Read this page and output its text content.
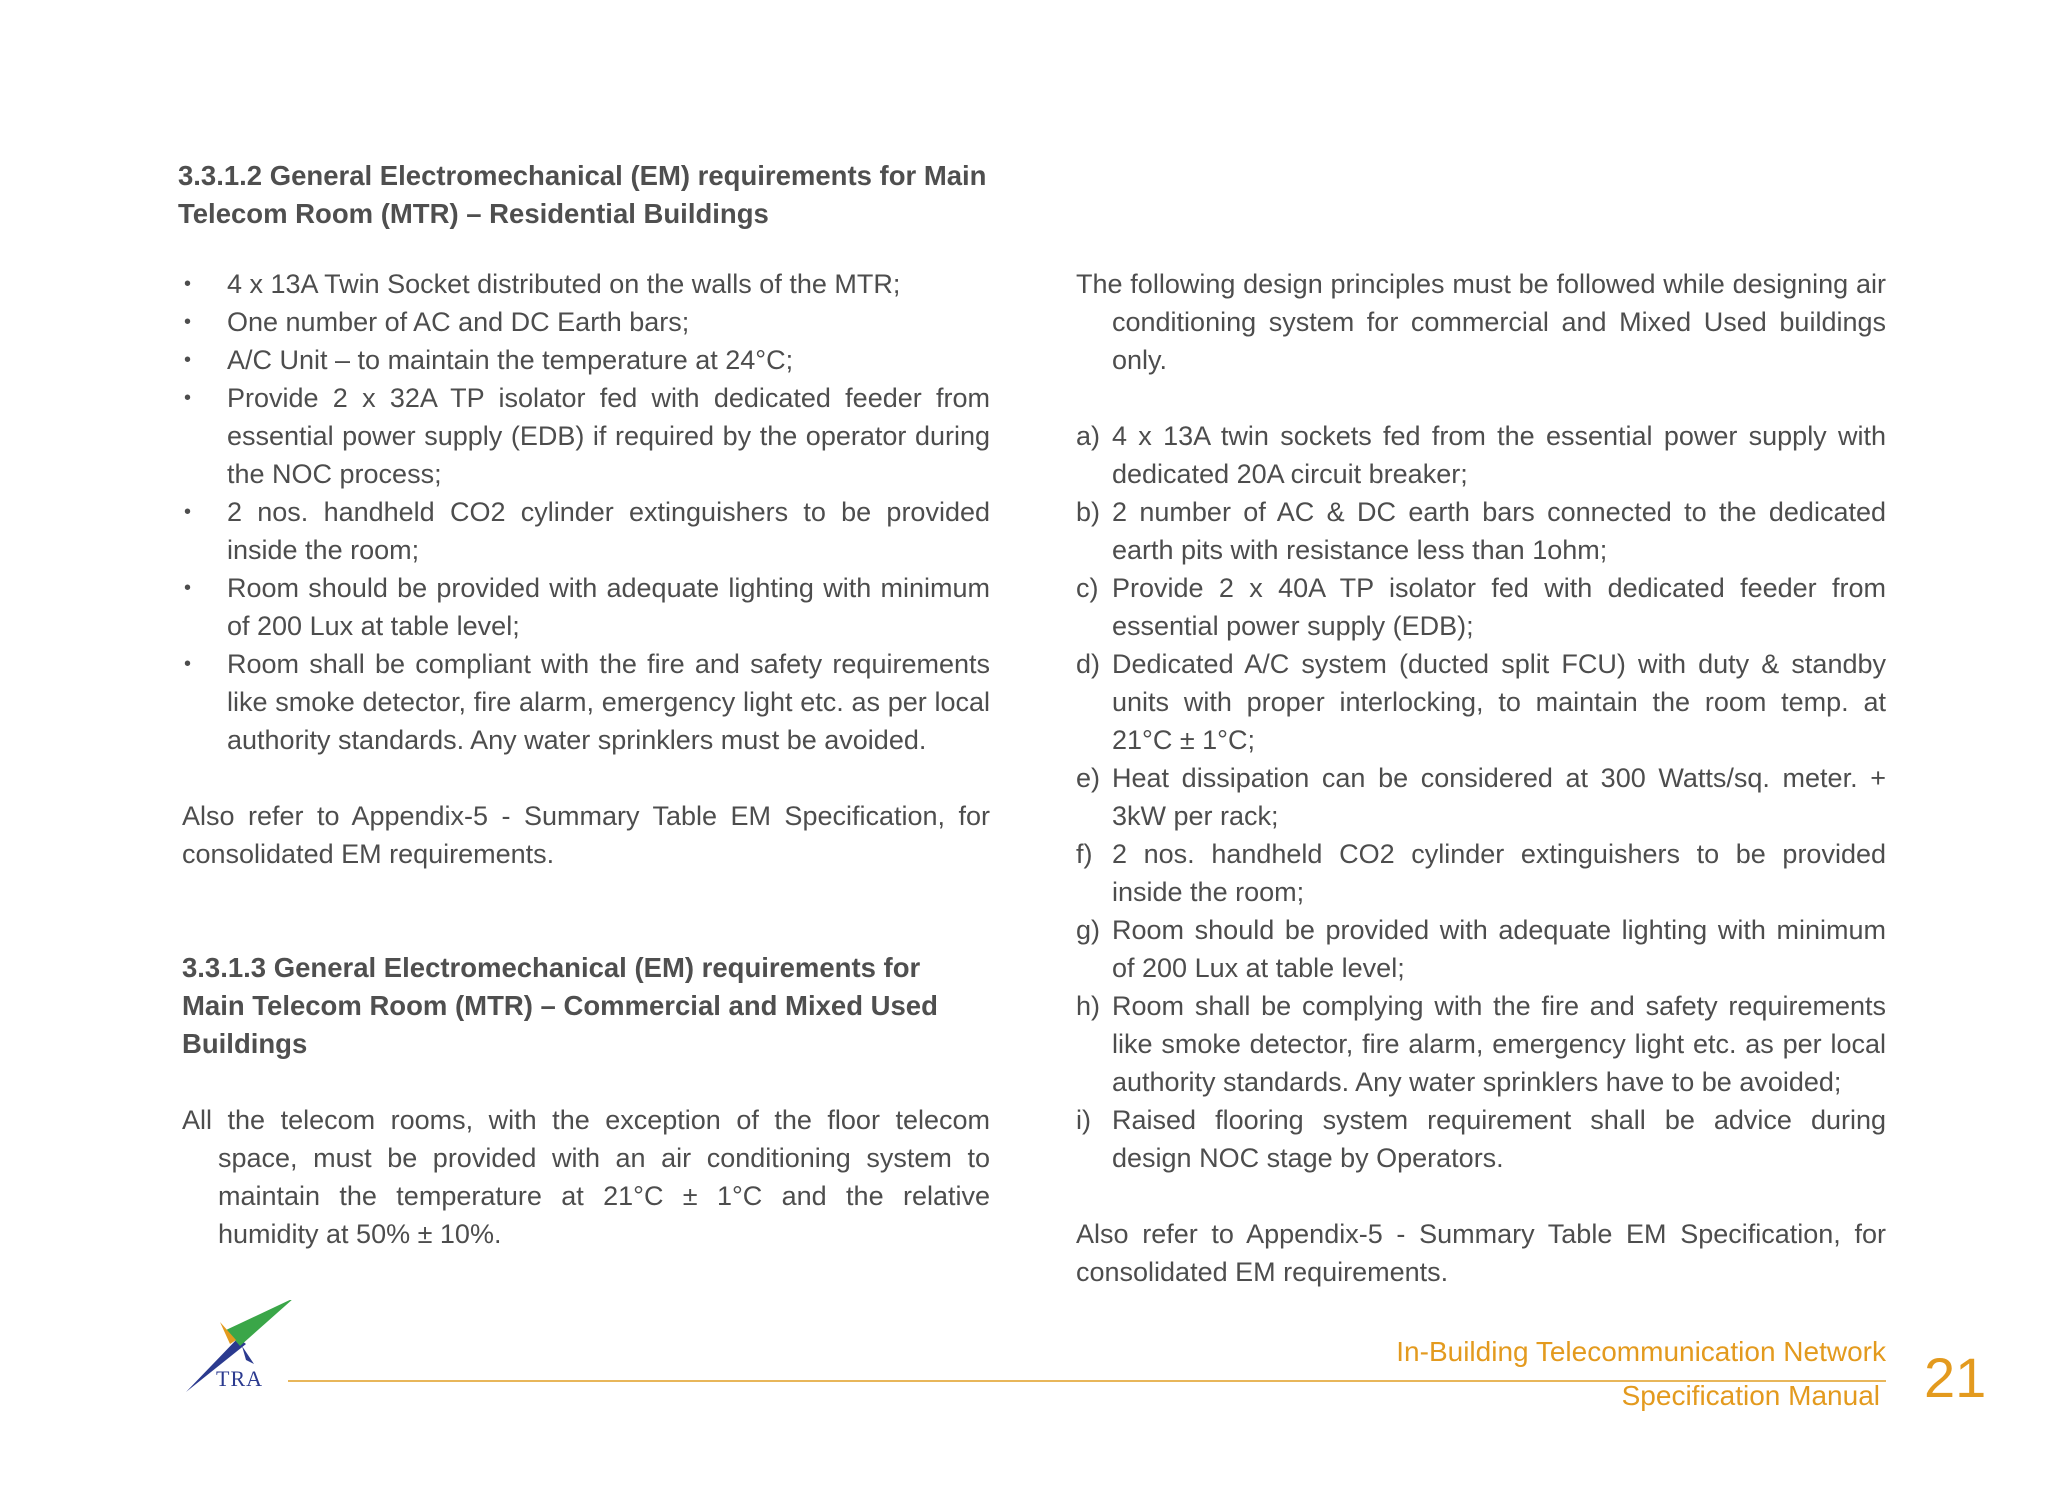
3.3.1.2 General Electromechanical (EM) requirements for Main Telecom Room (MTR) – Residential Buildings
•	4 x 13A Twin Socket distributed on the walls of the MTR;
•	One number of AC and DC Earth bars;
•	A/C Unit – to maintain the temperature at 24°C;
•	Provide 2 x 32A TP isolator fed with dedicated feeder from essential power supply (EDB) if required by the operator during the NOC process;
•	2 nos. handheld CO2 cylinder extinguishers to be provided inside the room;
•	Room should be provided with adequate lighting with minimum of 200 Lux at table level;
•	Room shall be compliant with the fire and safety requirements like smoke detector, fire alarm, emergency light etc. as per local authority standards. Any water sprinklers must be avoided.

Also refer to Appendix-5 - Summary Table EM Specification, for consolidated EM requirements.

3.3.1.3 General Electromechanical (EM) requirements for Main Telecom Room (MTR) – Commercial and Mixed Used Buildings

All the telecom rooms, with the exception of the floor telecom space, must be provided with an air conditioning system to maintain the temperature at 21°C ± 1°C and the relative humidity at 50% ± 10%.

The following design principles must be followed while designing air conditioning system for commercial and Mixed Used buildings only.

a) 4 x 13A twin sockets fed from the essential power supply with dedicated 20A circuit breaker;
b) 2 number of AC & DC earth bars connected to the dedicated earth pits with resistance less than 1ohm;
c) Provide 2 x 40A TP isolator fed with dedicated feeder from essential power supply (EDB);
d) Dedicated A/C system (ducted split FCU) with duty & standby units with proper interlocking, to maintain the room temp. at 21°C ± 1°C;
e) Heat dissipation can be considered at 300 Watts/sq. meter. + 3kW per rack;
f) 2 nos. handheld CO2 cylinder extinguishers to be provided inside the room;
g) Room should be provided with adequate lighting with minimum of 200 Lux at table level;
h) Room shall be complying with the fire and safety requirements like smoke detector, fire alarm, emergency light etc. as per local authority standards. Any water sprinklers have to be avoided;
i) Raised flooring system requirement shall be advice during design NOC stage by Operators.

Also refer to Appendix-5 - Summary Table EM Specification, for consolidated EM requirements.

TRA
In-Building Telecommunication Network
Specification Manual 21
